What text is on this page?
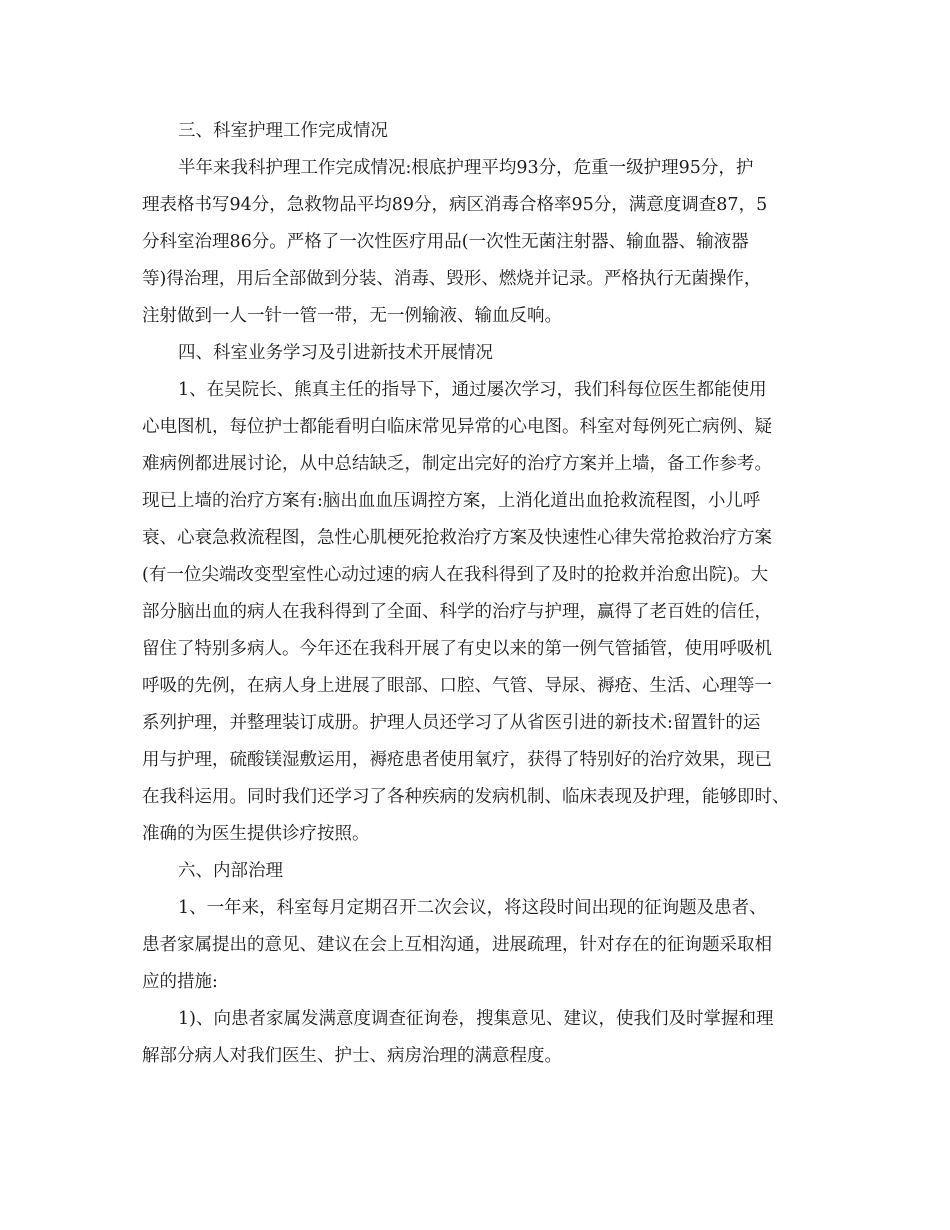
三、科室护理工作完成情况
半年来我科护理工作完成情况:根底护理平均93分，危重一级护理95分，护
理表格书写94分，急救物品平均89分，病区消毒合格率95分，满意度调查87，5
分科室治理86分。严格了一次性医疗用品(一次性无菌注射器、输血器、输液器
等)得治理，用后全部做到分装、消毒、毁形、燃烧并记录。严格执行无菌操作，
注射做到一人一针一管一带，无一例输液、输血反响。
四、科室业务学习及引进新技术开展情况
1、在吴院长、熊真主任的指导下，通过屡次学习，我们科每位医生都能使用
心电图机，每位护士都能看明白临床常见异常的心电图。科室对每例死亡病例、疑
难病例都进展讨论，从中总结缺乏，制定出完好的治疗方案并上墙，备工作参考。
现已上墙的治疗方案有:脑出血血压调控方案，上消化道出血抢救流程图，小儿呼
衰、心衰急救流程图，急性心肌梗死抢救治疗方案及快速性心律失常抢救治疗方案
(有一位尖端改变型室性心动过速的病人在我科得到了及时的抢救并治愈出院)。大
部分脑出血的病人在我科得到了全面、科学的治疗与护理，赢得了老百姓的信任，
留住了特别多病人。今年还在我科开展了有史以来的第一例气管插管，使用呼吸机
呼吸的先例，在病人身上进展了眼部、口腔、气管、导尿、褥疮、生活、心理等一
系列护理，并整理装订成册。护理人员还学习了从省医引进的新技术:留置针的运
用与护理，硫酸镁湿敷运用，褥疮患者使用氧疗，获得了特别好的治疗效果，现已
在我科运用。同时我们还学习了各种疾病的发病机制、临床表现及护理，能够即时、
准确的为医生提供诊疗按照。
六、内部治理
1、一年来，科室每月定期召开二次会议，将这段时间出现的征询题及患者、
患者家属提出的意见、建议在会上互相沟通，进展疏理，针对存在的征询题采取相
应的措施:
1)、向患者家属发满意度调查征询卷，搜集意见、建议，使我们及时掌握和理
解部分病人对我们医生、护士、病房治理的满意程度。
